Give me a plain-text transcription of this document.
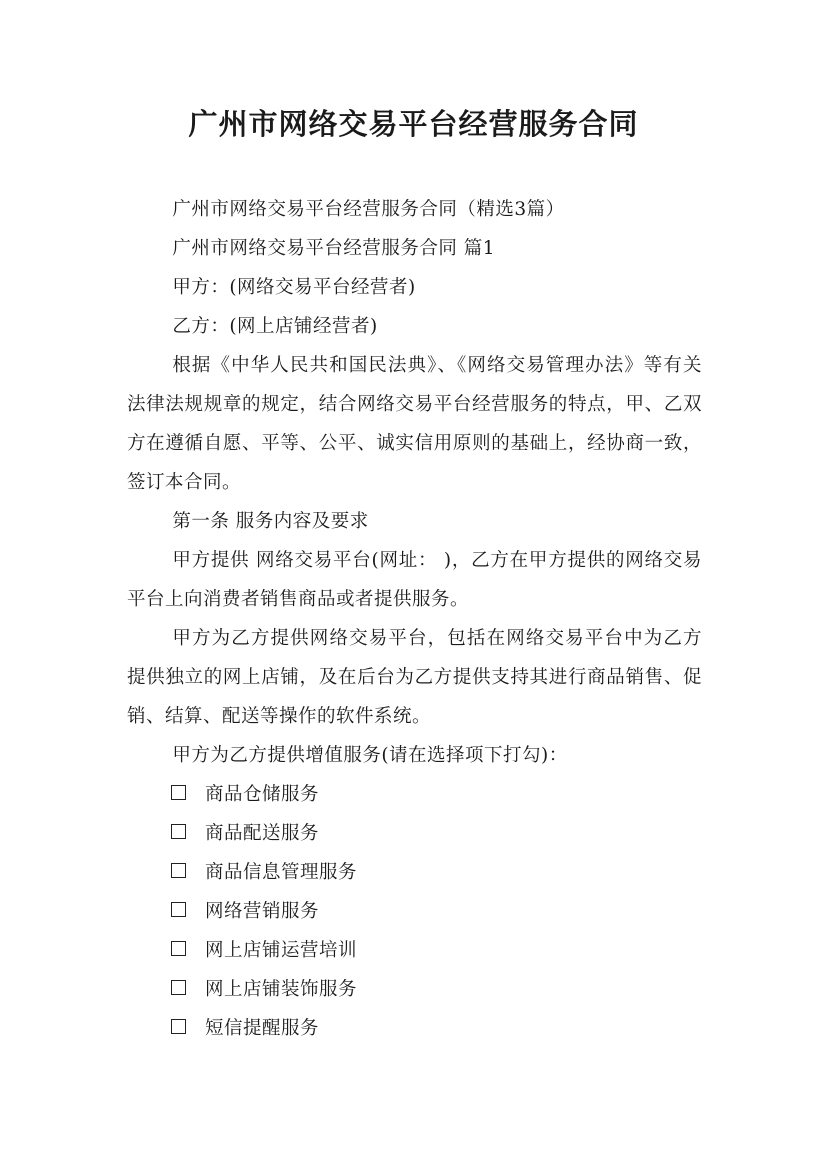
广州市网络交易平台经营服务合同

广州市网络交易平台经营服务合同（精选3篇）

广州市网络交易平台经营服务合同 篇1

甲方：(网络交易平台经营者)

乙方：(网上店铺经营者)

根据《中华人民共和国民法典》、《网络交易管理办法》等有关法律法规规章的规定，结合网络交易平台经营服务的特点，甲、乙双方在遵循自愿、平等、公平、诚实信用原则的基础上，经协商一致，签订本合同。

第一条 服务内容及要求

甲方提供 网络交易平台(网址： )，乙方在甲方提供的网络交易平台上向消费者销售商品或者提供服务。

甲方为乙方提供网络交易平台，包括在网络交易平台中为乙方提供独立的网上店铺，及在后台为乙方提供支持其进行商品销售、促销、结算、配送等操作的软件系统。

甲方为乙方提供增值服务(请在选择项下打勾)：

商品仓储服务
商品配送服务
商品信息管理服务
网络营销服务
网上店铺运营培训
网上店铺装饰服务
短信提醒服务
